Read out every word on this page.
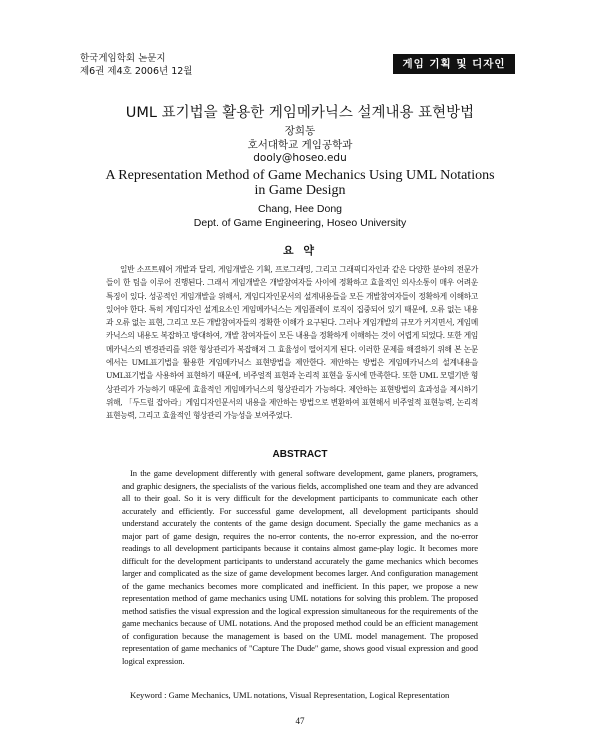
한국게임학회 논문지
제6권 제4호 2006년 12월
게임 기획 및 디자인
UML 표기법을 활용한 게임메카닉스 설계내용 표현방법
장희동
호서대학교 게임공학과
dooly@hoseo.edu
A Representation Method of Game Mechanics Using UML Notations
in Game Design
Chang, Hee Dong
Dept. of Game Engineering, Hoseo University
요 약
일반 소프트웨어 개발과 달리, 게임개발은 기획, 프로그래밍, 그리고 그래픽디자인과 같은 다양한 분야의 전문가들이 한 팀을 이루어 진행된다. 그래서 게임개발은 개발참여자들 사이에 정확하고 효율적인 의사소통이 매우 어려운 특징이 있다. 성공적인 게임개발을 위해서, 게임디자인문서의 설계내용들을 모든 개발참여자들이 정확하게 이해하고 있어야 한다. 특히 게임디자인 설계요소인 게임메카닉스는 게임플레이 로직이 집중되어 있기 때문에, 오류 없는 내용과 오류 없는 표현, 그리고 모든 개발참여자들의 정확한 이해가 요구된다. 그러나 게임개발의 규모가 커지면서, 게임메카닉스의 내용도 복잡하고 방대하여, 개발 참여자들이 모든 내용을 정확하게 이해하는 것이 어렵게 되었다. 또한 게임메카닉스의 변경관리를 위한 형상관리가 복잡해져 그 효율성이 떨어지게 된다. 이러한 문제를 해결하기 위해 본 논문에서는 UML표기법을 활용한 게임메카닉스 표현방법을 제안한다. 제안하는 방법은 게임메카닉스의 설계내용을 UML표기법을 사용하여 표현하기 때문에, 비주얼적 표현과 논리적 표현을 동시에 만족한다. 또한 UML 모델기반 형상관리가 가능하기 때문에 효율적인 게임메카닉스의 형상관리가 가능하다. 제안하는 표현방법의 효과성을 제시하기 위해, 「두드릴 잡아라」게임디자인문서의 내용을 제안하는 방법으로 변환하여 표현해서 비주얼적 표현능력, 논리적 표현능력, 그리고 효율적인 형상관리 가능성을 보여주었다.
ABSTRACT
In the game development differently with general software development, game planers, programers, and graphic designers, the specialists of the various fields, accomplished one team and they are advanced all to their goal. So it is very difficult for the development participants to communicate each other accurately and efficiently. For successful game development, all development participants should understand accurately the contents of the game design document. Specially the game mechanics as a major part of game design, requires the no-error contents, the no-error expression, and the no-error readings to all development participants because it contains almost game-play logic. It becomes more difficult for the development participants to understand accurately the game mechanics which becomes larger and complicated as the size of game development becomes larger. And configuration management of the game mechanics becomes more complicated and inefficient. In this paper, we propose a new representation method of game mechanics using UML notations for solving this problem. The proposed method satisfies the visual expression and the logical expression simultaneous for the requirements of the game mechanics because of UML notations. And the proposed method could be an efficient management of configuration because the management is based on the UML model management. The proposed representation of game mechanics of "Capture The Dude" game, shows good visual expression and good logical expression.
Keyword : Game Mechanics, UML notations, Visual Representation, Logical Representation
47
